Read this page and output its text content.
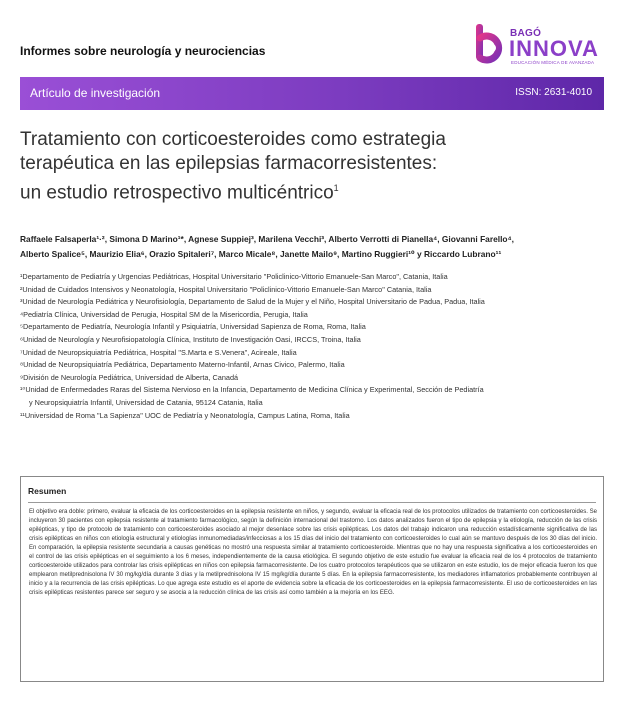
Informes sobre neurología y neurociencias
BAGÓ
INNOVA
EDUCACIÓN MÉDICA DE AVANZADA
Artículo de investigación	ISSN: 2631-4010
Tratamiento con corticoesteroides como estrategia
terapéutica en las epilepsias farmacorresistentes:
un estudio retrospectivo multicéntrico$^1$
Raffaele Falsaperla¹·², Simona D Marino¹*, Agnese Suppiej³, Marilena Vecchi³, Alberto Verrotti di Pianella⁴, Giovanni Farello⁴,
Alberto Spalice⁵, Maurizio Elia⁶, Orazio Spitaleri⁷, Marco Micale⁸, Janette Mailo⁹, Martino Ruggieri¹⁰ y Riccardo Lubrano¹¹
¹Departamento de Pediatría y Urgencias Pediátricas, Hospital Universitario "Policlinico-Vittorio Emanuele-San Marco", Catania, Italia
²Unidad de Cuidados Intensivos y Neonatología, Hospital Universitario "Policlinico-Vittorio Emanuele-San Marco" Catania, Italia
³Unidad de Neurología Pediátrica y Neurofisiología, Departamento de Salud de la Mujer y el Niño, Hospital Universitario de Padua, Padua, Italia
⁴Pediatría Clínica, Universidad de Perugia, Hospital SM de la Misericordia, Perugia, Italia
⁵Departamento de Pediatría, Neurología Infantil y Psiquiatría, Universidad Sapienza de Roma, Roma, Italia
⁶Unidad de Neurología y Neurofisiopatología Clínica, Instituto de Investigación Oasi, IRCCS, Troina, Italia
⁷Unidad de Neuropsiquiatría Pediátrica, Hospital "S.Marta e S.Venera", Acireale, Italia
⁸Unidad de Neuropsiquiatría Pediátrica, Departamento Materno-Infantil, Arnas Civico, Palermo, Italia
⁹División de Neurología Pediátrica, Universidad de Alberta, Canadá
¹⁰Unidad de Enfermedades Raras del Sistema Nervioso en la Infancia, Departamento de Medicina Clínica y Experimental, Sección de Pediatría
y Neuropsiquiatría Infantil, Universidad de Catania, 95124 Catania, Italia
¹¹Universidad de Roma "La Sapienza" UOC de Pediatría y Neonatología, Campus Latina, Roma, Italia
Resumen
El objetivo era doble: primero, evaluar la eficacia de los corticoesteroides en la epilepsia resistente en niños, y segundo, evaluar la eficacia real de los protocolos utilizados de tratamiento con corticoesteroides. Se incluyeron 30 pacientes con epilepsia resistente al tratamiento farmacológico, según la definición internacional del trastorno. Los datos analizados fueron el tipo de epilepsia y la etiología, reducción de las crisis epilépticas, y tipo de protocolo de tratamiento con corticoesteroides asociado al mejor desenlace sobre las crisis epilépticas. Los datos del trabajo indicaron una reducción estadísticamente significativa de las crisis epilépticas en niños con etiología estructural y etiologías inmunomediadas/infecciosas a los 15 días del inicio del tratamiento con corticoesteroides lo cual aún se mantuvo después de los 30 días del inicio. En comparación, la epilepsia resistente secundaria a causas genéticas no mostró una respuesta similar al tratamiento corticoesteroide. Mientras que no hay una respuesta significativa a los corticoesteroides en el control de las crisis epilépticas en el seguimiento a los 6 meses, independientemente de la causa etiológica. El segundo objetivo de este estudio fue evaluar la eficacia real de los 4 protocolos de tratamiento corticoesteroide utilizados para controlar las crisis epilépticas en niños con epilepsia farmacorresistente. De los cuatro protocolos terapéuticos que se utilizaron en este estudio, los de mejor eficacia fueron los que emplearon metilprednisolona IV 30 mg/kg/día durante 3 días y la metilprednisolona IV 15 mg/kg/día durante 5 días. En la epilepsia farmacorresistente, los mediadores inflamatorios probablemente contribuyen al inicio y a la recurrencia de las crisis epilépticas. Lo que agrega este estudio es el aporte de evidencia sobre la eficacia de los corticoesteroides en la epilepsia farmacorresistente. El uso de corticoesteroides en las crisis epilépticas resistentes parece ser seguro y se asocia a la reducción clínica de las crisis así como también a la mejoría en los EEG.
